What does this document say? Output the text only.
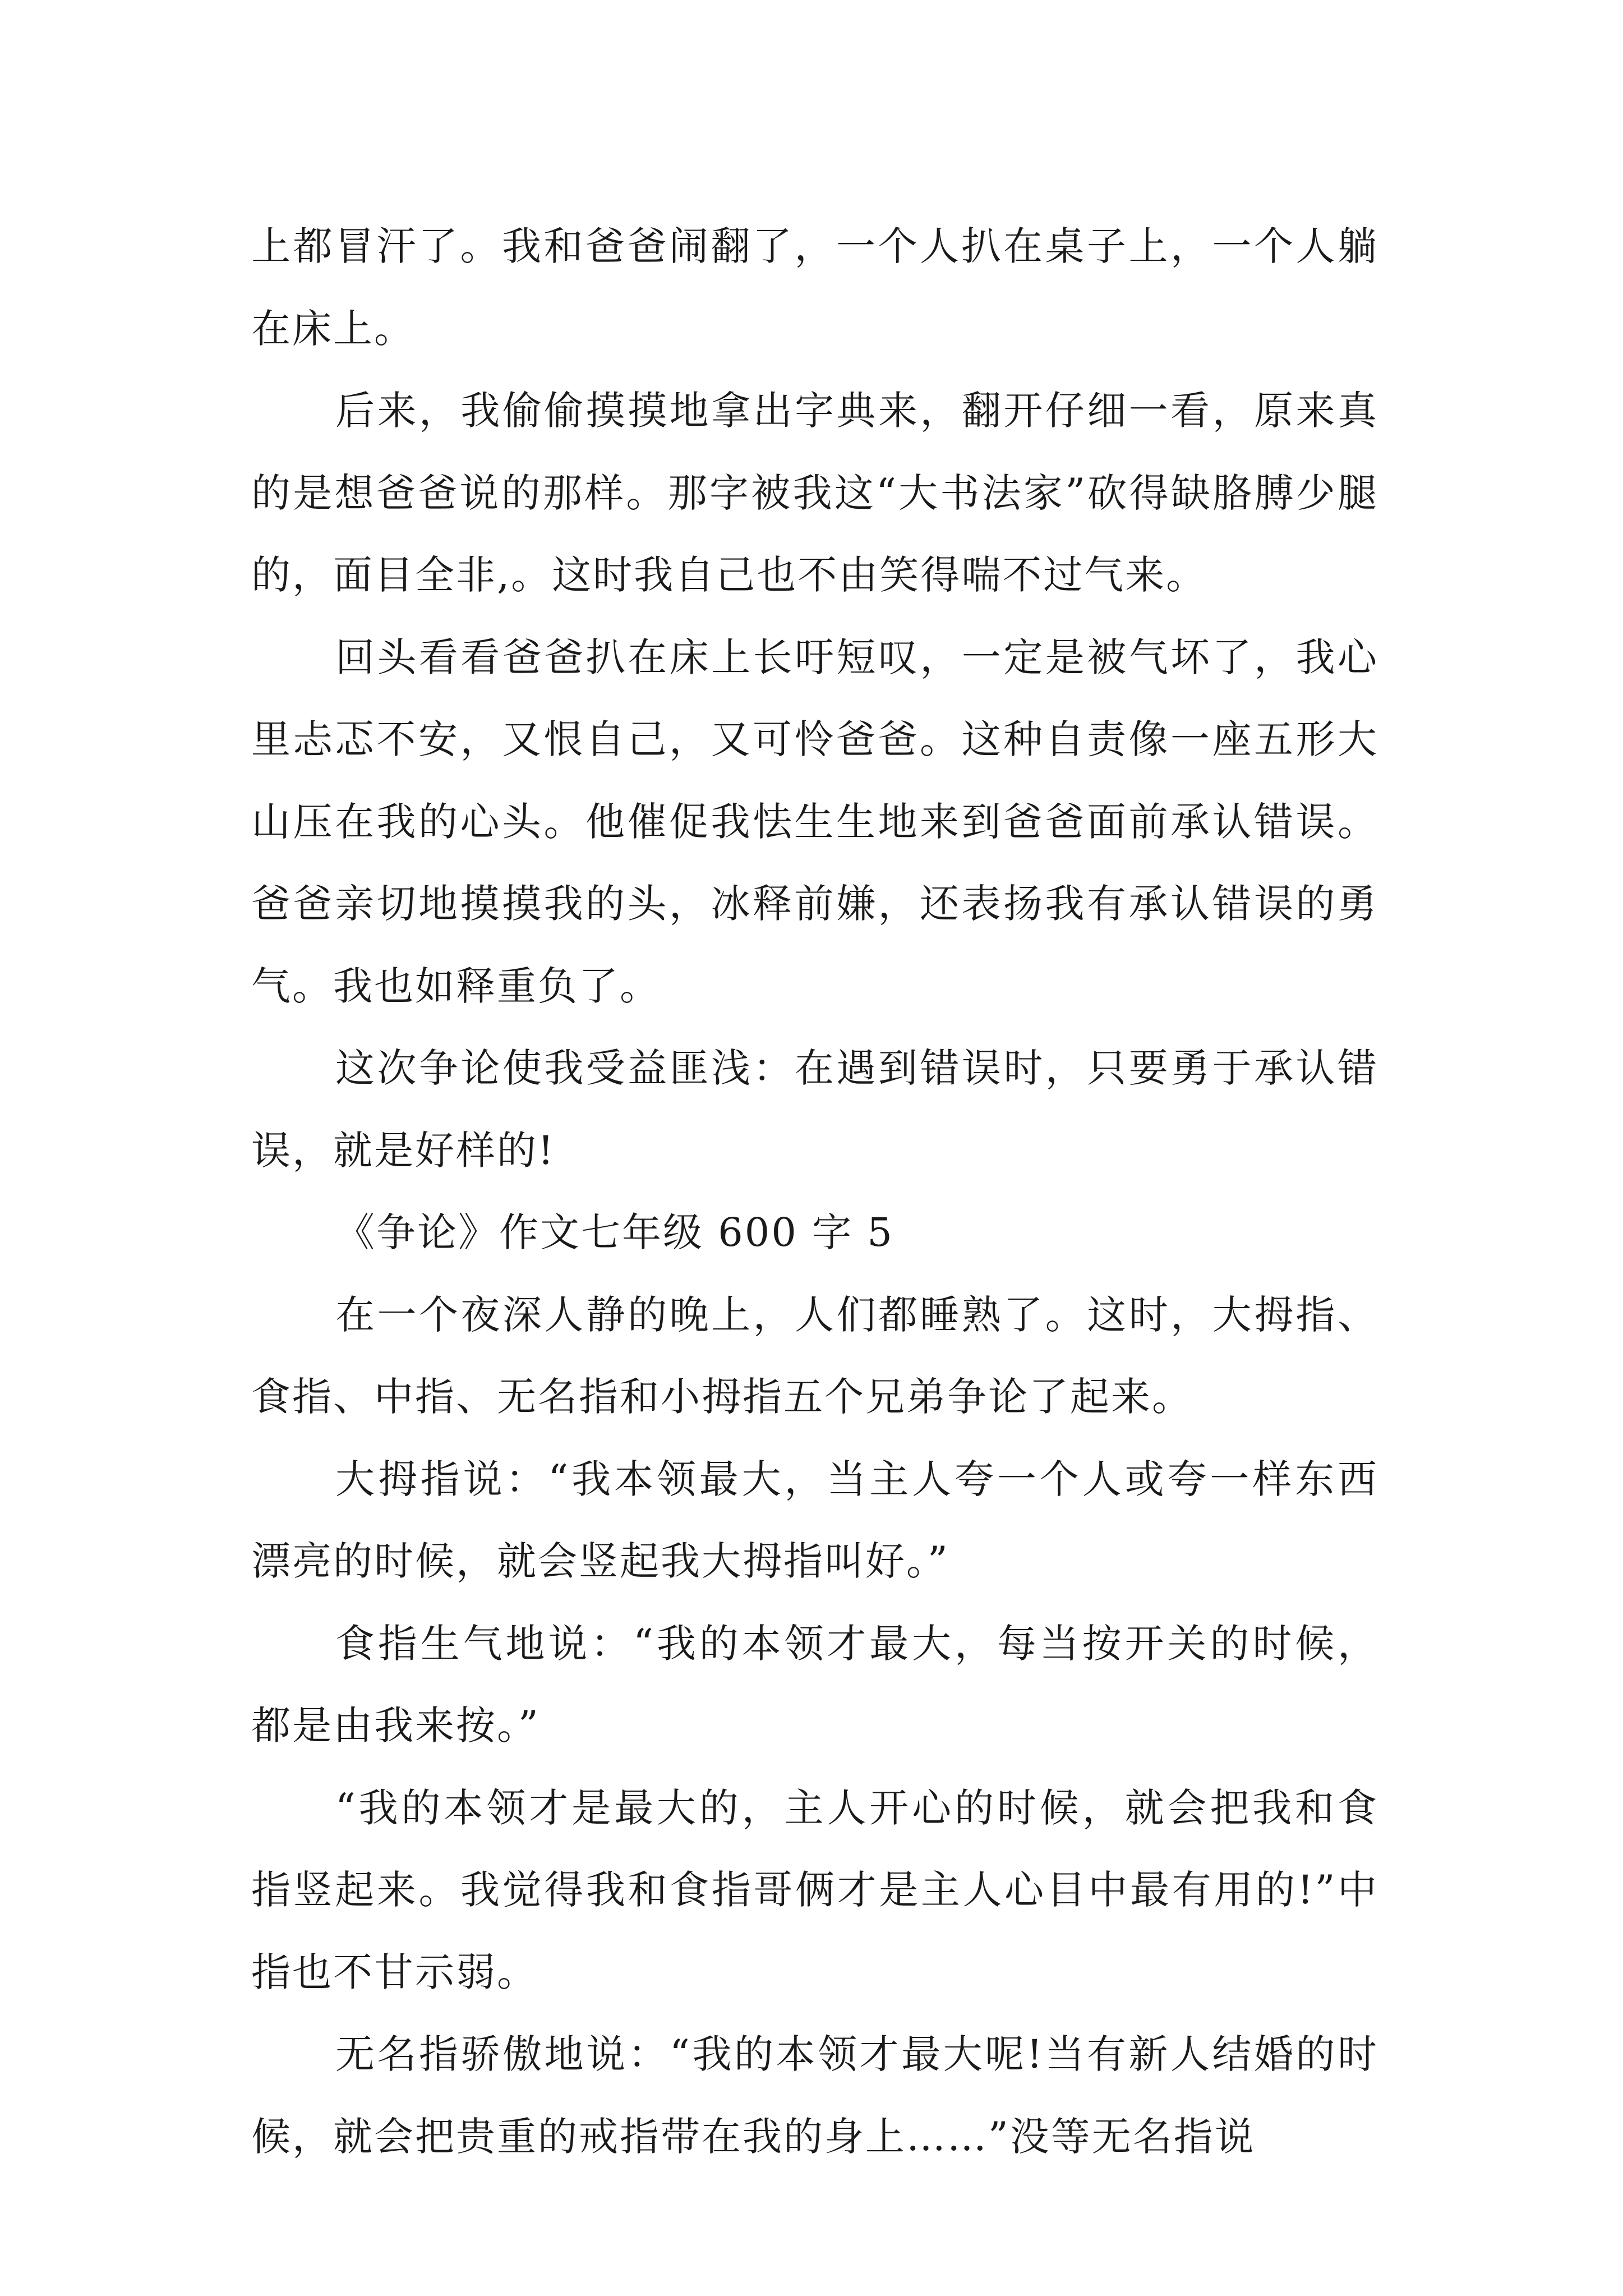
上都冒汗了。我和爸爸闹翻了，一个人扒在桌子上，一个人躺在床上。

后来，我偷偷摸摸地拿出字典来，翻开仔细一看，原来真的是想爸爸说的那样。那字被我这“大书法家”砍得缺胳膊少腿的，面目全非,。这时我自己也不由笑得喘不过气来。

回头看看爸爸扒在床上长吁短叹，一定是被气坏了，我心里忐忑不安，又恨自己，又可怜爸爸。这种自责像一座五形大山压在我的心头。他催促我怯生生地来到爸爸面前承认错误。爸爸亲切地摸摸我的头，冰释前嫌，还表扬我有承认错误的勇气。我也如释重负了。

这次争论使我受益匪浅：在遇到错误时，只要勇于承认错误，就是好样的!

《争论》作文七年级 600 字 5

在一个夜深人静的晚上，人们都睡熟了。这时，大拇指、食指、中指、无名指和小拇指五个兄弟争论了起来。

大拇指说：“我本领最大，当主人夸一个人或夸一样东西漂亮的时候，就会竖起我大拇指叫好。”

食指生气地说：“我的本领才最大，每当按开关的时候，都是由我来按。”

“我的本领才是最大的，主人开心的时候，就会把我和食指竖起来。我觉得我和食指哥俩才是主人心目中最有用的!”中指也不甘示弱。

无名指骄傲地说：“我的本领才最大呢!当有新人结婚的时候，就会把贵重的戒指带在我的身上……”没等无名指说
